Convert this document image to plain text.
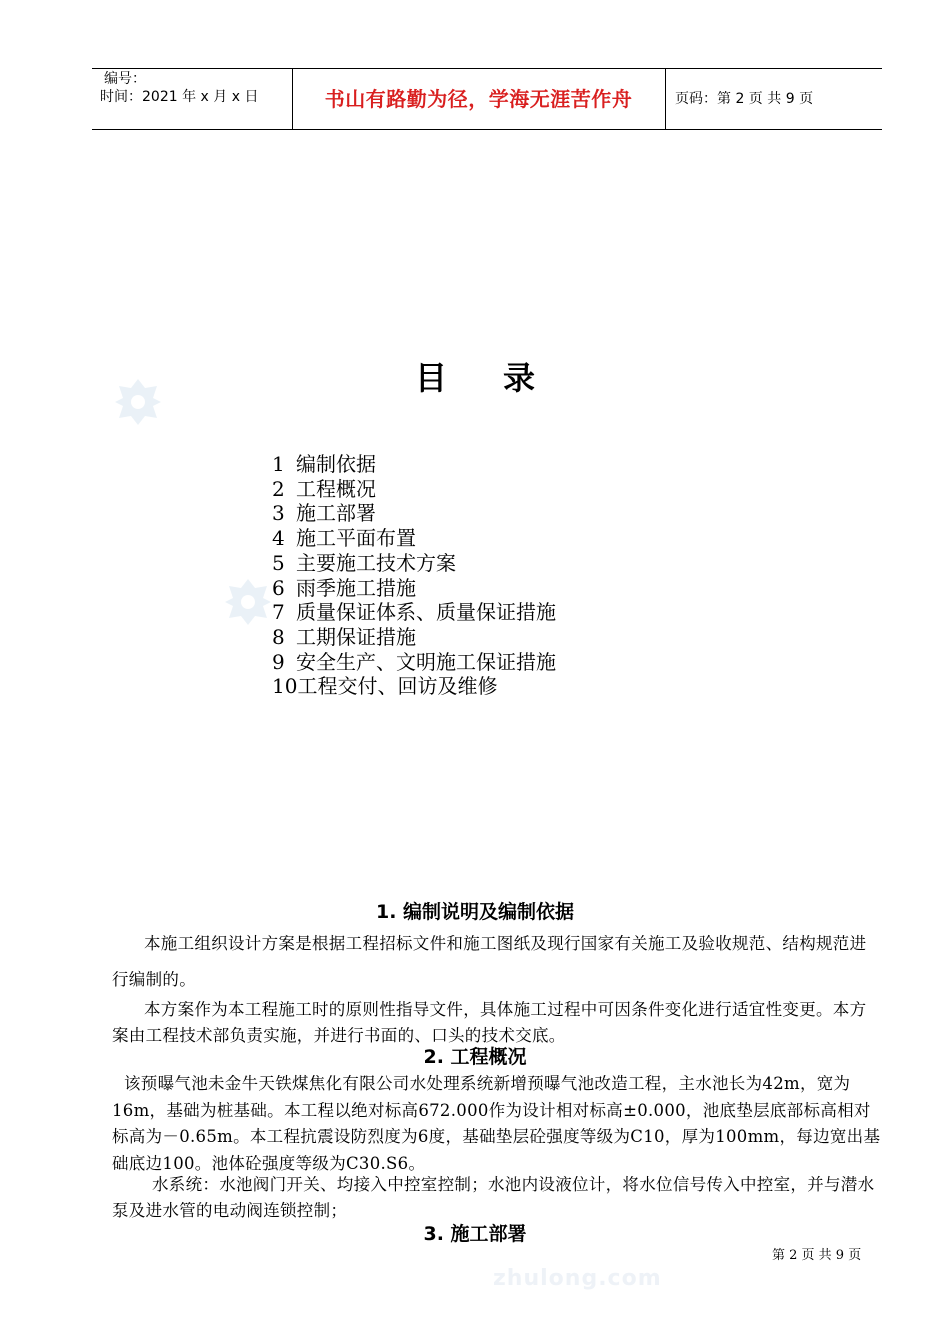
编号：
时间：2021 年 x 月 x 日	书山有路勤为径，学海无涯苦作舟	页码：第 2 页 共 9 页
目 录
1 编制依据
2 工程概况
3 施工部署
4 施工平面布置
5 主要施工技术方案
6 雨季施工措施
7 质量保证体系、质量保证措施
8 工期保证措施
9 安全生产、文明施工保证措施
10工程交付、回访及维修
1. 编制说明及编制依据
本施工组织设计方案是根据工程招标文件和施工图纸及现行国家有关施工及验收规范、结构规范进行编制的。
本方案作为本工程施工时的原则性指导文件，具体施工过程中可因条件变化进行适宜性变更。本方案由工程技术部负责实施，并进行书面的、口头的技术交底。
2. 工程概况
该预曝气池未金牛天铁煤焦化有限公司水处理系统新增预曝气池改造工程，主水池长为42m，宽为16m，基础为桩基础。本工程以绝对标高672.000作为设计相对标高±0.000，池底垫层底部标高相对标高为－0.65m。本工程抗震设防烈度为6度，基础垫层砼强度等级为C10，厚为100mm，每边宽出基础底边100。池体砼强度等级为C30.S6。
水系统：水池阀门开关、均接入中控室控制；水池内设液位计，将水位信号传入中控室，并与潜水泵及进水管的电动阀连锁控制；
3. 施工部署
第 2 页 共 9 页
zhulong.com
